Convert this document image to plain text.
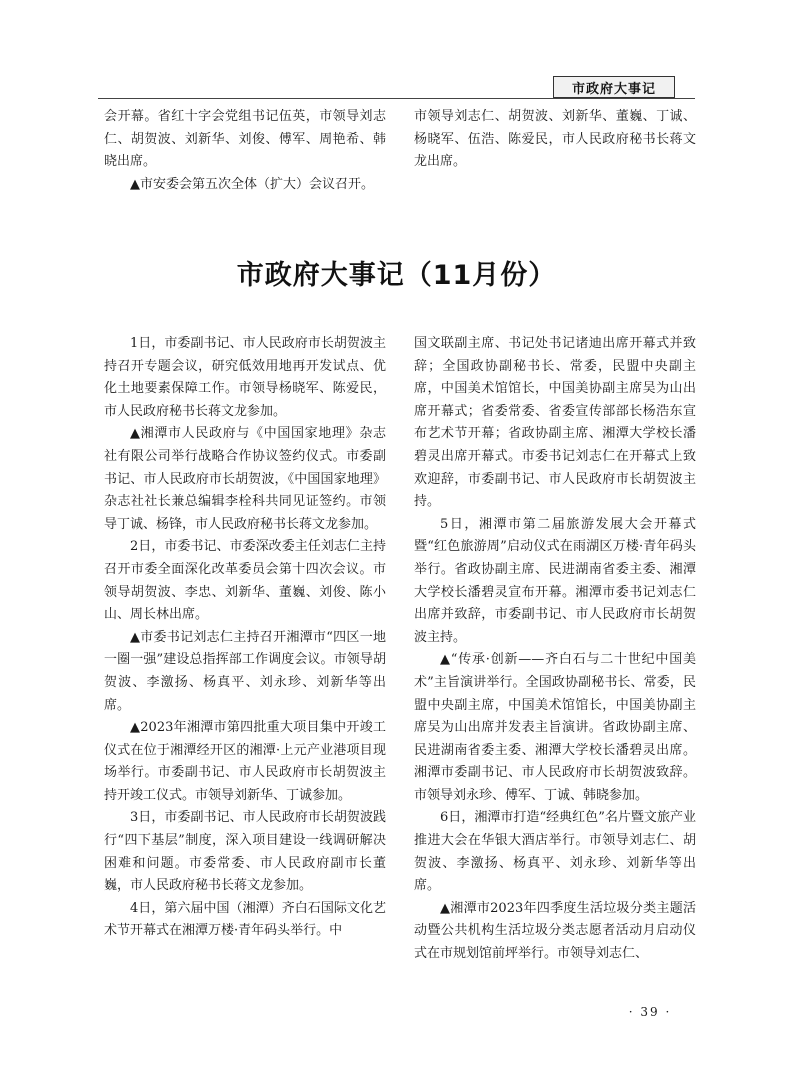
市政府大事记

会开幕。省红十字会党组书记伍英，市领导刘志仁、胡贺波、刘新华、刘俊、傅军、周艳希、韩晓出席。

▲市安委会第五次全体（扩大）会议召开。

市领导刘志仁、胡贺波、刘新华、董巍、丁诚、杨晓军、伍浩、陈爱民，市人民政府秘书长蒋文龙出席。

市政府大事记（11月份）

1日，市委副书记、市人民政府市长胡贺波主持召开专题会议，研究低效用地再开发试点、优化土地要素保障工作。市领导杨晓军、陈爱民，市人民政府秘书长蒋文龙参加。

▲湘潭市人民政府与《中国国家地理》杂志社有限公司举行战略合作协议签约仪式。市委副书记、市人民政府市长胡贺波，《中国国家地理》杂志社社长兼总编辑李栓科共同见证签约。市领导丁诚、杨锋，市人民政府秘书长蒋文龙参加。

2日，市委书记、市委深改委主任刘志仁主持召开市委全面深化改革委员会第十四次会议。市领导胡贺波、李忠、刘新华、董巍、刘俊、陈小山、周长林出席。

▲市委书记刘志仁主持召开湘潭市“四区一地一圈一强”建设总指挥部工作调度会议。市领导胡贺波、李激扬、杨真平、刘永珍、刘新华等出席。

▲2023年湘潭市第四批重大项目集中开竣工仪式在位于湘潭经开区的湘潭·上元产业港项目现场举行。市委副书记、市人民政府市长胡贺波主持开竣工仪式。市领导刘新华、丁诚参加。

3日，市委副书记、市人民政府市长胡贺波践行“四下基层”制度，深入项目建设一线调研解决困难和问题。市委常委、市人民政府副市长董巍，市人民政府秘书长蒋文龙参加。

4日，第六届中国（湘潭）齐白石国际文化艺术节开幕式在湘潭万楼·青年码头举行。中

国文联副主席、书记处书记诸迪出席开幕式并致辞；全国政协副秘书长、常委，民盟中央副主席，中国美术馆馆长，中国美协副主席吴为山出席开幕式；省委常委、省委宣传部部长杨浩东宣布艺术节开幕；省政协副主席、湘潭大学校长潘碧灵出席开幕式。市委书记刘志仁在开幕式上致欢迎辞，市委副书记、市人民政府市长胡贺波主持。

5日，湘潭市第二届旅游发展大会开幕式暨“红色旅游周”启动仪式在雨湖区万楼·青年码头举行。省政协副主席、民进湖南省委主委、湘潭大学校长潘碧灵宣布开幕。湘潭市委书记刘志仁出席并致辞，市委副书记、市人民政府市长胡贺波主持。

▲“传承·创新——齐白石与二十世纪中国美术”主旨演讲举行。全国政协副秘书长、常委，民盟中央副主席，中国美术馆馆长，中国美协副主席吴为山出席并发表主旨演讲。省政协副主席、民进湖南省委主委、湘潭大学校长潘碧灵出席。湘潭市委副书记、市人民政府市长胡贺波致辞。市领导刘永珍、傅军、丁诚、韩晓参加。

6日，湘潭市打造“经典红色”名片暨文旅产业推进大会在华银大酒店举行。市领导刘志仁、胡贺波、李激扬、杨真平、刘永珍、刘新华等出席。

▲湘潭市2023年四季度生活垃圾分类主题活动暨公共机构生活垃圾分类志愿者活动月启动仪式在市规划馆前坪举行。市领导刘志仁、

· 39 ·
